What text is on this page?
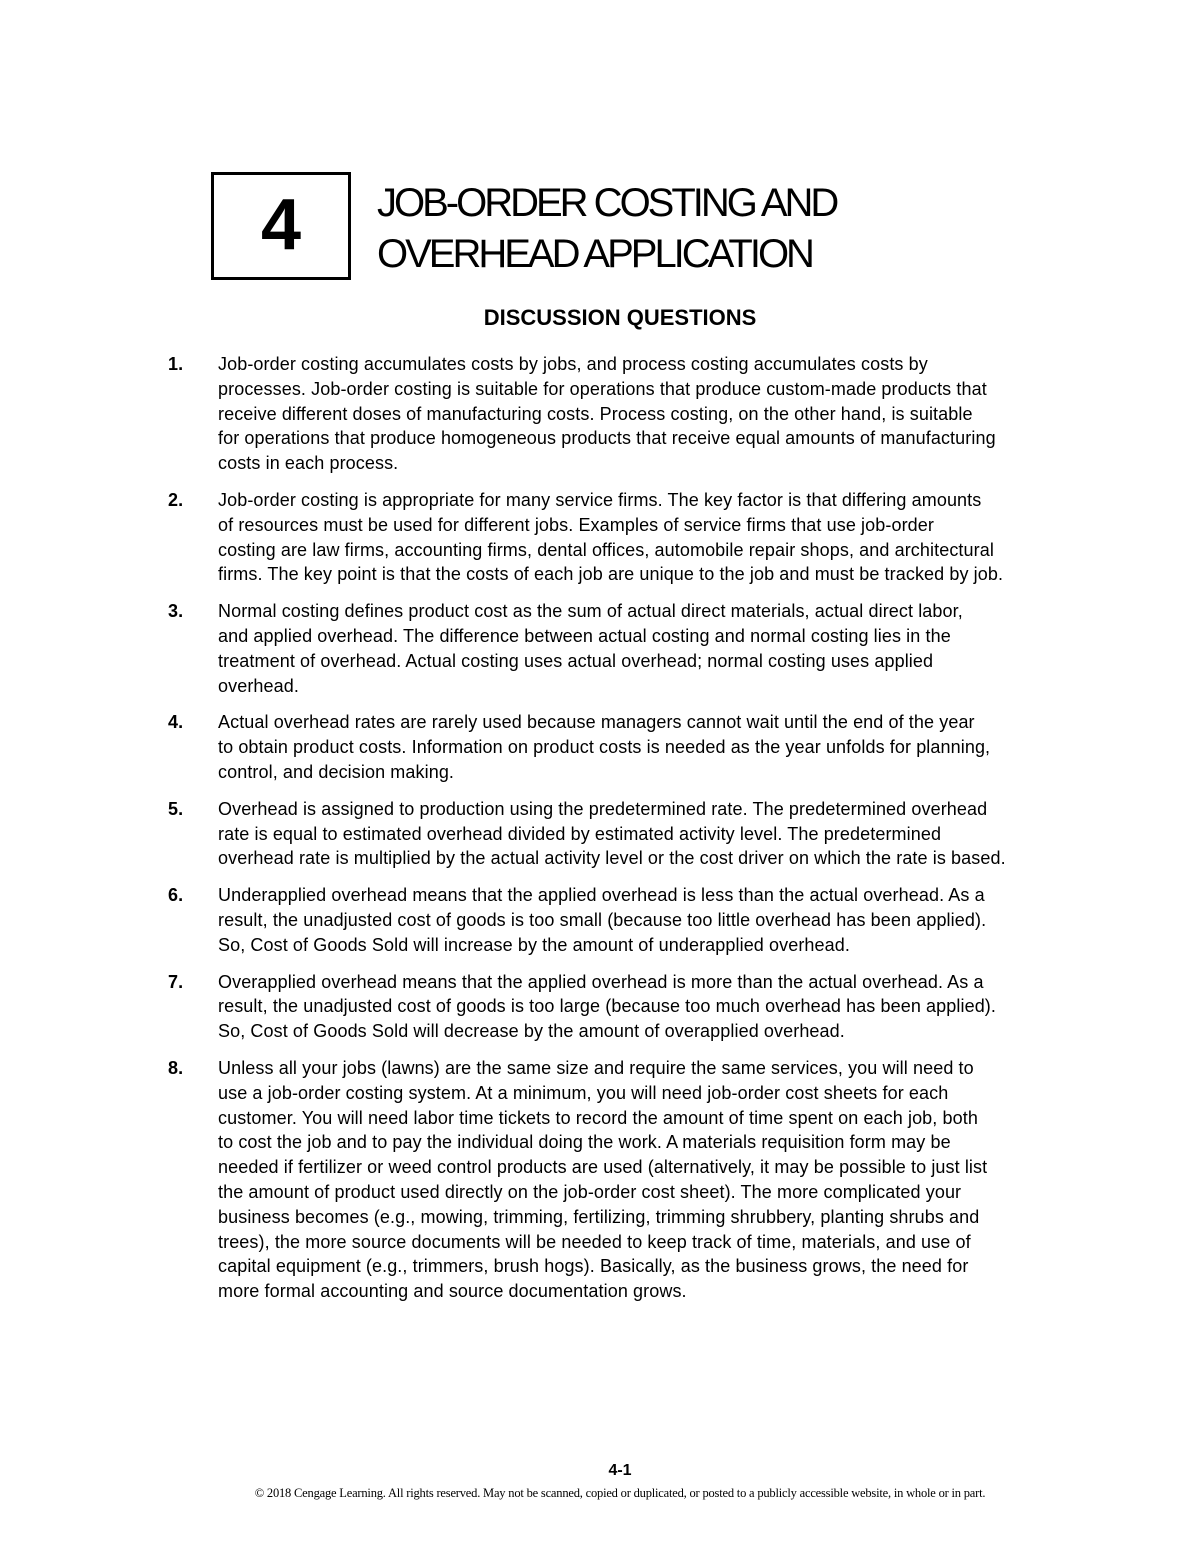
4	JOB-ORDER COSTING AND
OVERHEAD APPLICATION
DISCUSSION QUESTIONS
1. Job-order costing accumulates costs by jobs, and process costing accumulates costs by
processes. Job-order costing is suitable for operations that produce custom-made products that
receive different doses of manufacturing costs. Process costing, on the other hand, is suitable
for operations that produce homogeneous products that receive equal amounts of manufacturing
costs in each process.
2. Job-order costing is appropriate for many service firms. The key factor is that differing amounts
of resources must be used for different jobs. Examples of service firms that use job-order
costing are law firms, accounting firms, dental offices, automobile repair shops, and architectural
firms. The key point is that the costs of each job are unique to the job and must be tracked by job.
3. Normal costing defines product cost as the sum of actual direct materials, actual direct labor,
and applied overhead. The difference between actual costing and normal costing lies in the
treatment of overhead. Actual costing uses actual overhead; normal costing uses applied
overhead.
4. Actual overhead rates are rarely used because managers cannot wait until the end of the year
to obtain product costs. Information on product costs is needed as the year unfolds for planning,
control, and decision making.
5. Overhead is assigned to production using the predetermined rate. The predetermined overhead
rate is equal to estimated overhead divided by estimated activity level. The predetermined
overhead rate is multiplied by the actual activity level or the cost driver on which the rate is based.
6. Underapplied overhead means that the applied overhead is less than the actual overhead. As a
result, the unadjusted cost of goods is too small (because too little overhead has been applied).
So, Cost of Goods Sold will increase by the amount of underapplied overhead.
7. Overapplied overhead means that the applied overhead is more than the actual overhead. As a
result, the unadjusted cost of goods is too large (because too much overhead has been applied).
So, Cost of Goods Sold will decrease by the amount of overapplied overhead.
8. Unless all your jobs (lawns) are the same size and require the same services, you will need to
use a job-order costing system. At a minimum, you will need job-order cost sheets for each
customer. You will need labor time tickets to record the amount of time spent on each job, both
to cost the job and to pay the individual doing the work. A materials requisition form may be
needed if fertilizer or weed control products are used (alternatively, it may be possible to just list
the amount of product used directly on the job-order cost sheet). The more complicated your
business becomes (e.g., mowing, trimming, fertilizing, trimming shrubbery, planting shrubs and
trees), the more source documents will be needed to keep track of time, materials, and use of
capital equipment (e.g., trimmers, brush hogs). Basically, as the business grows, the need for
more formal accounting and source documentation grows.
4-1
© 2018 Cengage Learning. All rights reserved. May not be scanned, copied or duplicated, or posted to a publicly accessible website, in whole or in part.
